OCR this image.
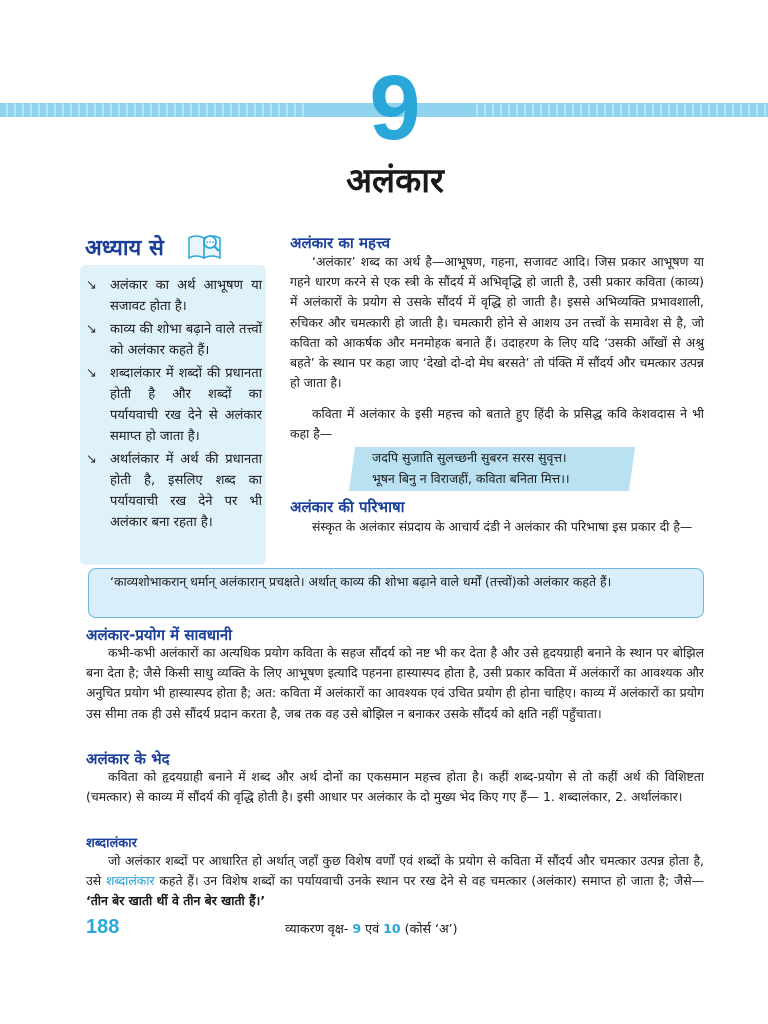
9
अलंकार
अध्याय से
↘ अलंकार का अर्थ आभूषण या सजावट होता है।
↘ काव्य की शोभा बढ़ाने वाले तत्त्वों को अलंकार कहते हैं।
↘ शब्दालंकार में शब्दों की प्रधानता होती है और शब्दों का पर्यायवाची रख देने से अलंकार समाप्त हो जाता है।
↘ अर्थालंकार में अर्थ की प्रधानता होती है, इसलिए शब्द का पर्यायवाची रख देने पर भी अलंकार बना रहता है।
अलंकार का महत्त्व

‘अलंकार’ शब्द का अर्थ है—आभूषण, गहना, सजावट आदि। जिस प्रकार आभूषण या गहने धारण करने से एक स्त्री के सौंदर्य में अभिवृद्धि हो जाती है, उसी प्रकार कविता (काव्य) में अलंकारों के प्रयोग से उसके सौंदर्य में वृद्धि हो जाती है। इससे अभिव्यक्ति प्रभावशाली, रुचिकर और चमत्कारी हो जाती है। चमत्कारी होने से आशय उन तत्त्वों के समावेश से है, जो कविता को आकर्षक और मनमोहक बनाते हैं। उदाहरण के लिए यदि ‘उसकी आँखों से अश्रु बहते’ के स्थान पर कहा जाए ‘देखो दो-दो मेघ बरसते’ तो पंक्ति में सौंदर्य और चमत्कार उत्पन्न हो जाता है।

कविता में अलंकार के इसी महत्त्व को बताते हुए हिंदी के प्रसिद्ध कवि केशवदास ने भी कहा है—

जदपि सुजाति सुलच्छनी सुबरन सरस सुवृत्त।
भूषन बिनु न विराजहीं, कविता बनिता मित्त।।
अलंकार की परिभाषा

संस्कृत के अलंकार संप्रदाय के आचार्य दंडी ने अलंकार की परिभाषा इस प्रकार दी है—

‘काव्यशोभाकरान् धर्मान् अलंकारान् प्रचक्षते। अर्थात् काव्य की शोभा बढ़ाने वाले धर्मों (तत्त्वों)को अलंकार कहते हैं।

अलंकार-प्रयोग में सावधानी

कभी-कभी अलंकारों का अत्यधिक प्रयोग कविता के सहज सौंदर्य को नष्ट भी कर देता है और उसे हृदयग्राही बनाने के स्थान पर बोझिल बना देता है; जैसे किसी साधु व्यक्ति के लिए आभूषण इत्यादि पहनना हास्यास्पद होता है, उसी प्रकार कविता में अलंकारों का आवश्यक और अनुचित प्रयोग भी हास्यास्पद होता है; अत: कविता में अलंकारों का आवश्यक एवं उचित प्रयोग ही होना चाहिए। काव्य में अलंकारों का प्रयोग उस सीमा तक ही उसे सौंदर्य प्रदान करता है, जब तक वह उसे बोझिल न बनाकर उसके सौंदर्य को क्षति नहीं पहुँचाता।

अलंकार के भेद

कविता को हृदयग्राही बनाने में शब्द और अर्थ दोनों का एकसमान महत्त्व होता है। कहीं शब्द-प्रयोग से तो कहीं अर्थ की विशिष्टता (चमत्कार) से काव्य में सौंदर्य की वृद्धि होती है। इसी आधार पर अलंकार के दो मुख्य भेद किए गए हैं— 1. शब्दालंकार, 2. अर्थालंकार।

शब्दालंकार

जो अलंकार शब्दों पर आधारित हो अर्थात् जहाँ कुछ विशेष वर्णों एवं शब्दों के प्रयोग से कविता में सौंदर्य और चमत्कार उत्पन्न होता है, उसे शब्दालंकार कहते हैं। उन विशेष शब्दों का पर्यायवाची उनके स्थान पर रख देने से वह चमत्कार (अलंकार) समाप्त हो जाता है; जैसे— ‘तीन बेर खाती थीं वे तीन बेर खाती हैं।’

188	व्याकरण वृक्ष- 9 एवं 10 (कोर्स ‘अ’)
